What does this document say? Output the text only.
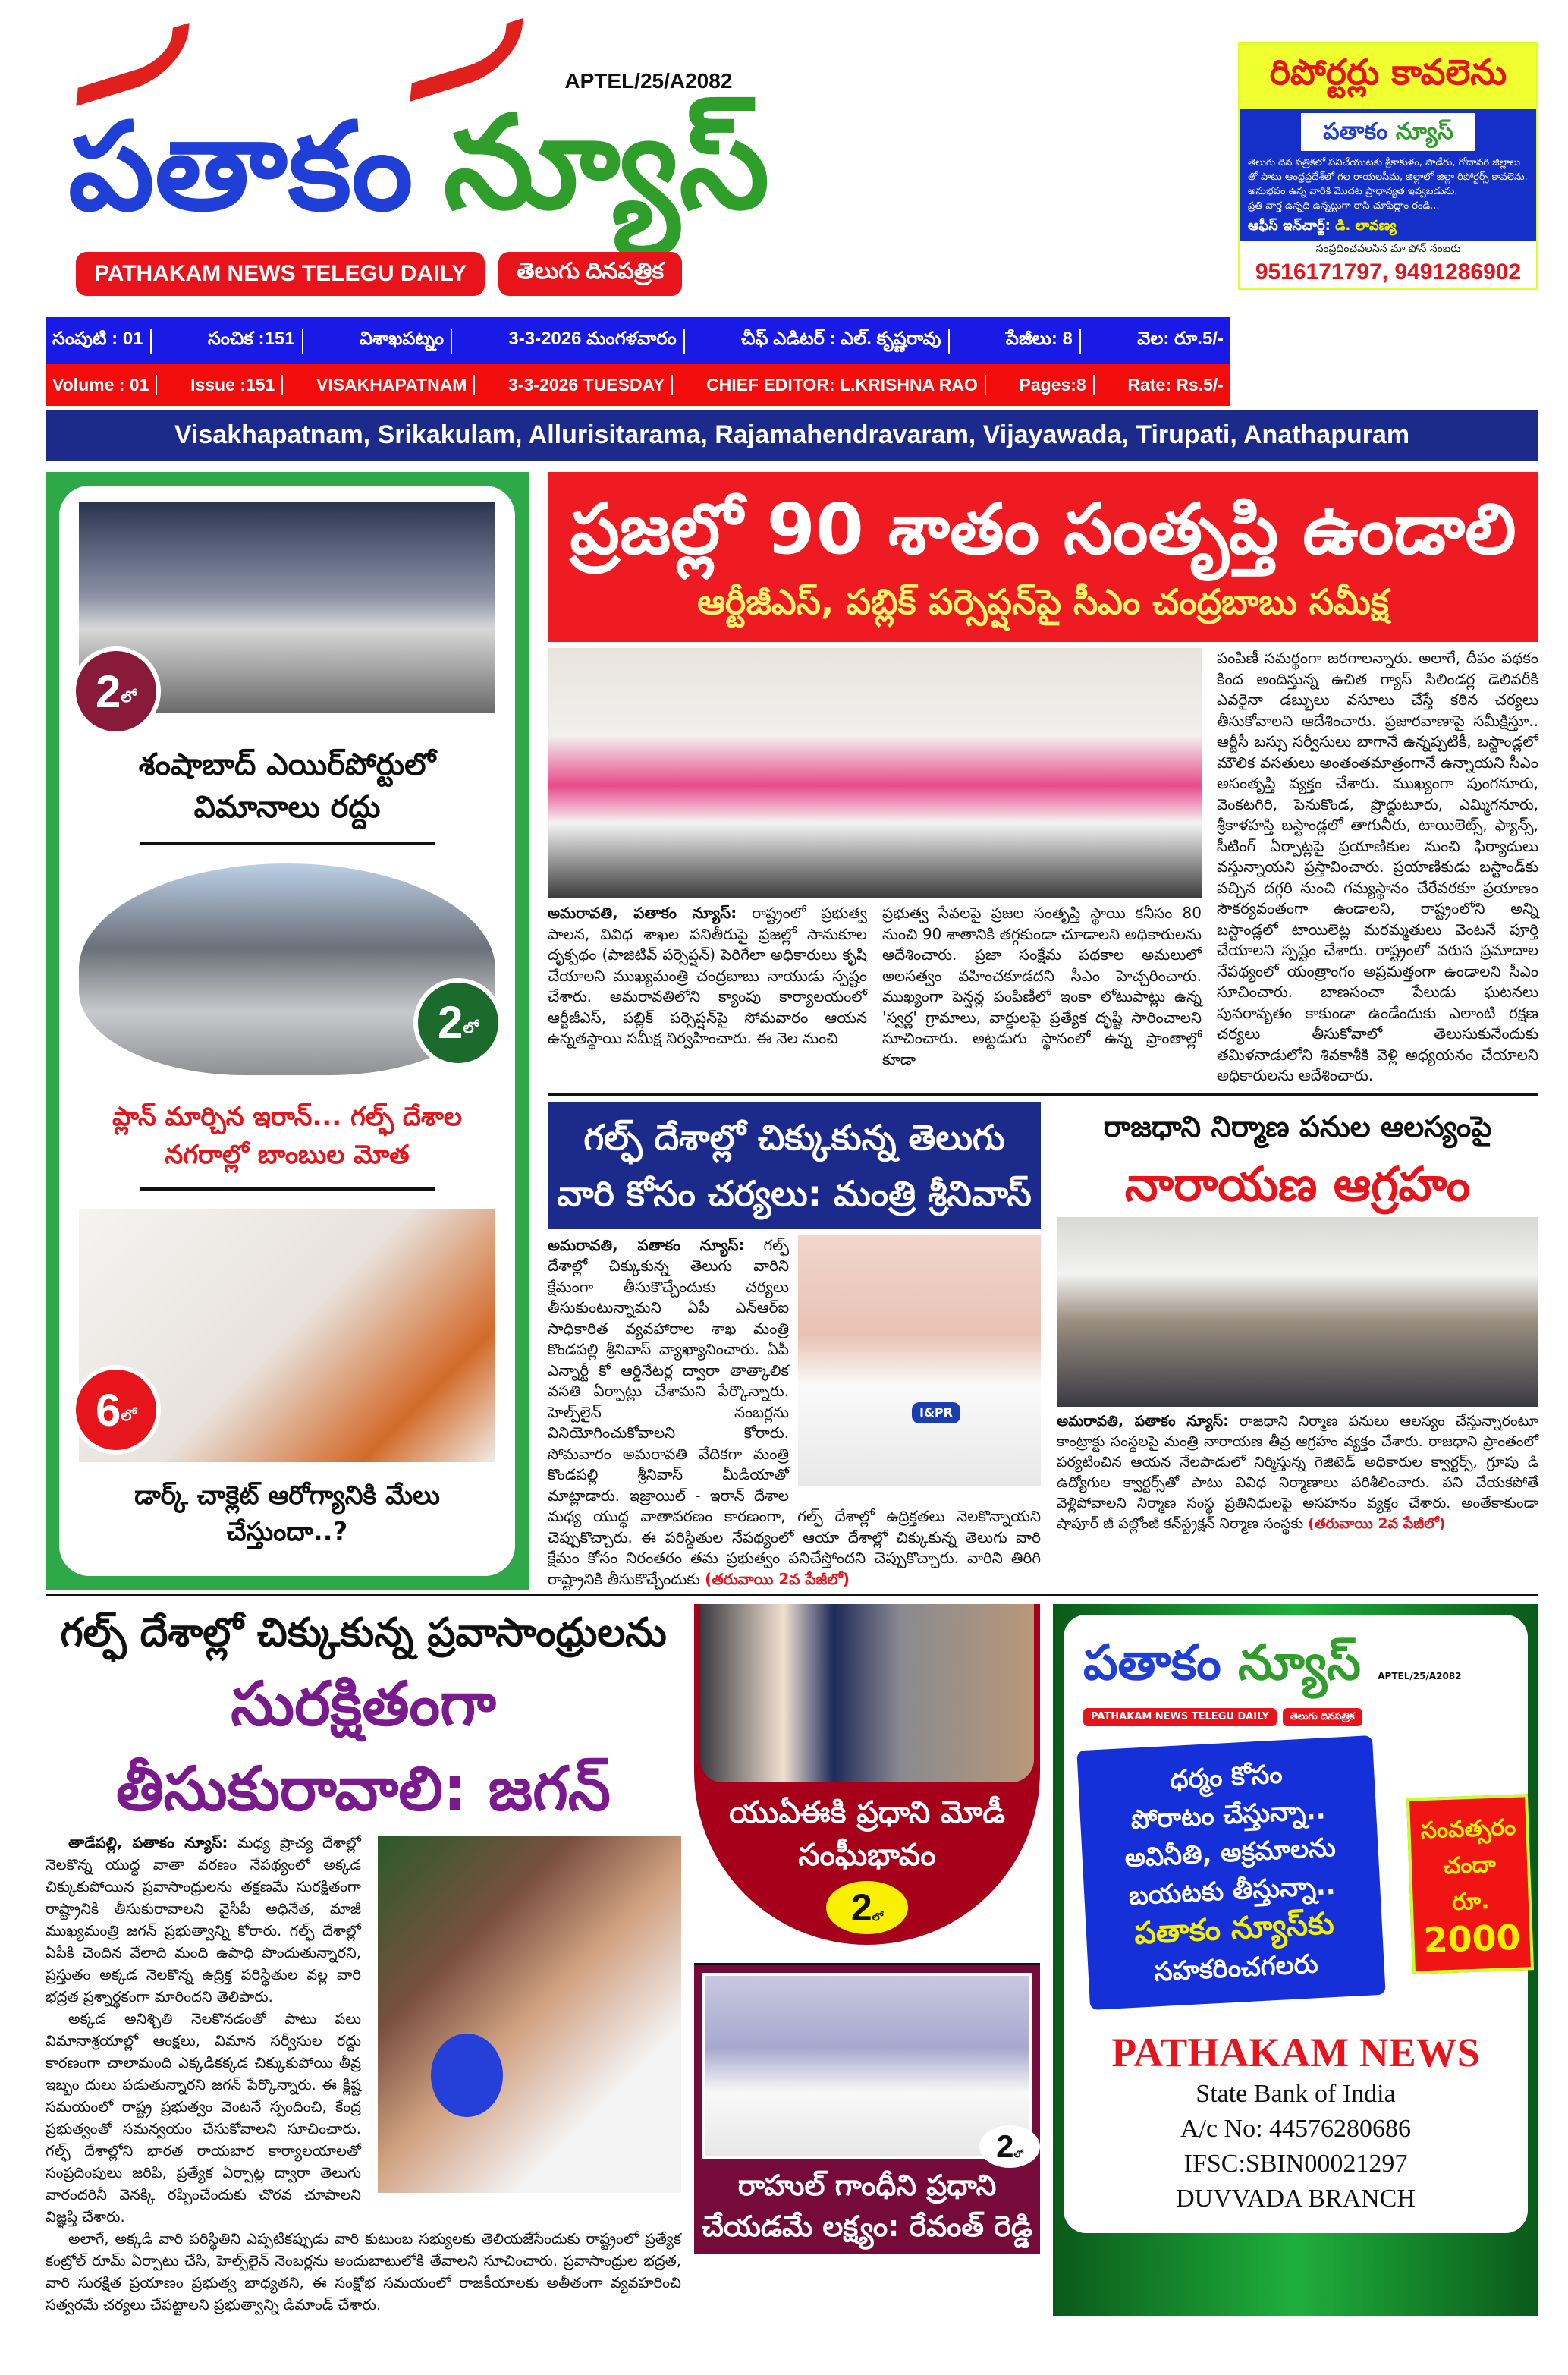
పతాకం
APTEL/25/A2082
న్యూస్
PATHAKAM NEWS TELEGU DAILY	తెలుగు దినపత్రిక
సంపుటి : 01	సంచిక :151	విశాఖపట్నం	3-3-2026 మంగళవారం	చీఫ్ ఎడిటర్ : ఎల్. కృష్ణరావు	పేజీలు: 8	వెల: రూ.5/-
Volume : 01	Issue :151	VISAKHAPATNAM	3-3-2026 TUESDAY	CHIEF EDITOR: L.KRISHNA RAO	Pages:8	Rate: Rs.5/-
Visakhapatnam, Srikakulam, Allurisitarama, Rajamahendravaram, Vijayawada, Tirupati, Anathapuram
రిపోర్టర్లు కావలెను
పతాకం న్యూస్

తెలుగు దిన పత్రికలో పనిచేయుటకు శ్రీకాకుళం, పాడేరు, గోదావరి జిల్లాలు తో పాటు ఆంధ్రప్రదేశ్‌లో గల రాయలసీమ, జిల్లాలో జిల్లా రిపోర్టర్స్ కావలెను.

అనుభవం ఉన్న వారికి మొదట ప్రాధాన్యత ఇవ్వబడును.

ప్రతి వార్త ఉన్నది ఉన్నట్టుగా రాసి చూపిద్దాం రండి...

ఆఫీస్ ఇన్‌చార్జ్: డి. లావణ్య
సంప్రదించవలసిన మా ఫోన్ నంబరు
9516171797, 9491286902
2 లో
శంషాబాద్ ఎయిర్‌పోర్టులో విమానాలు రద్దు
2 లో
ప్లాన్ మార్చిన ఇరాన్... గల్ఫ్ దేశాల నగరాల్లో బాంబుల మోత
6 లో
డార్క్ చాక్లెట్ ఆరోగ్యానికి మేలు చేస్తుందా..?
ప్రజల్లో 90 శాతం సంతృప్తి ఉండాలి
ఆర్టీజీఎస్, పబ్లిక్ పర్సెప్షన్‌పై సీఎం చంద్రబాబు సమీక్ష
అమరావతి, పతాకం న్యూస్: రాష్ట్రంలో ప్రభుత్వ పాలన, వివిధ శాఖల పనితీరుపై ప్రజల్లో సానుకూల దృక్పథం (పాజిటివ్ పర్సెప్షన్) పెరిగేలా అధికారులు కృషి చేయాలని ముఖ్యమంత్రి చంద్రబాబు నాయుడు స్పష్టం చేశారు. అమరావతిలోని క్యాంపు కార్యాలయంలో ఆర్టీజీఎస్, పబ్లిక్ పర్సెప్షన్‌పై సోమవారం ఆయన ఉన్నతస్థాయి సమీక్ష నిర్వహించారు. ఈ నెల నుంచి
ప్రభుత్వ సేవలపై ప్రజల సంతృప్తి స్థాయి కనీసం 80 నుంచి 90 శాతానికి తగ్గకుండా చూడాలని అధికారులను ఆదేశించారు. ప్రజా సంక్షేమ పథకాల అమలులో అలసత్వం వహించకూడదని సీఎం హెచ్చరించారు. ముఖ్యంగా పెన్షన్ల పంపిణీలో ఇంకా లోటుపాట్లు ఉన్న 'స్వర్ణ' గ్రామాలు, వార్డులపై ప్రత్యేక దృష్టి సారించాలని సూచించారు. అట్టడుగు స్థానంలో ఉన్న ప్రాంతాల్లో కూడా
పంపిణీ సమర్థంగా జరగాలన్నారు. అలాగే, దీపం పథకం కింద అందిస్తున్న ఉచిత గ్యాస్ సిలిండర్ల డెలివరీకి ఎవరైనా డబ్బులు వసూలు చేస్తే కఠిన చర్యలు తీసుకోవాలని ఆదేశించారు. ప్రజారవాణాపై సమీక్షిస్తూ.. ఆర్టీసీ బస్సు సర్వీసులు బాగానే ఉన్నప్పటికీ, బస్టాండ్లలో మౌలిక వసతులు అంతంతమాత్రంగానే ఉన్నాయని సీఎం అసంతృప్తి వ్యక్తం చేశారు. ముఖ్యంగా పుంగనూరు, వెంకటగిరి, పెనుకొండ, ప్రొద్దుటూరు, ఎమ్మిగనూరు, శ్రీకాళహస్తి బస్టాండ్లలో తాగునీరు, టాయిలెట్స్, ఫ్యాన్స్, సీటింగ్ ఏర్పాట్లపై ప్రయాణికుల నుంచి ఫిర్యాదులు వస్తున్నాయని ప్రస్తావించారు. ప్రయాణికుడు బస్టాండ్‌కు వచ్చిన దగ్గరి నుంచి గమ్యస్థానం చేరేవరకూ ప్రయాణం సౌకర్యవంతంగా ఉండాలని, రాష్ట్రంలోని అన్ని బస్టాండ్లలో టాయిలెట్ల మరమ్మతులు వెంటనే పూర్తి చేయాలని స్పష్టం చేశారు. రాష్ట్రంలో వరుస ప్రమాదాల నేపథ్యంలో యంత్రాంగం అప్రమత్తంగా ఉండాలని సీఎం సూచించారు. బాణసంచా పేలుడు ఘటనలు పునరావృతం కాకుండా ఉండేందుకు ఎలాంటి రక్షణ చర్యలు తీసుకోవాలో తెలుసుకునేందుకు తమిళనాడులోని శివకాశీకి వెళ్లి అధ్యయనం చేయాలని అధికారులను ఆదేశించారు.
గల్ఫ్ దేశాల్లో చిక్కుకున్న తెలుగు వారి కోసం చర్యలు: మంత్రి శ్రీనివాస్
I&PR
అమరావతి, పతాకం న్యూస్: గల్ఫ్ దేశాల్లో చిక్కుకున్న తెలుగు వారిని క్షేమంగా తీసుకొచ్చేందుకు చర్యలు తీసుకుంటున్నామని ఏపీ ఎన్‌ఆర్‌ఐ సాధికారిత వ్యవహారాల శాఖ మంత్రి కొండపల్లి శ్రీనివాస్ వ్యాఖ్యానించారు. ఏపీ ఎన్నార్టీ కో ఆర్డినేటర్ల ద్వారా తాత్కాలిక వసతి ఏర్పాట్లు చేశామని పేర్కొన్నారు. హెల్ప్‌లైన్ నంబర్లను వినియోగించుకోవాలని కోరారు. సోమవారం అమరావతి వేదికగా మంత్రి కొండపల్లి శ్రీనివాస్ మీడియాతో మాట్లాడారు. ఇజ్రాయిల్ - ఇరాన్ దేశాల మధ్య యుద్ధ వాతావరణం కారణంగా, గల్ఫ్ దేశాల్లో ఉద్రిక్తతలు నెలకొన్నాయని చెప్పుకొచ్చారు. ఈ పరిస్థితుల నేపథ్యంలో ఆయా దేశాల్లో చిక్కుకున్న తెలుగు వారి క్షేమం కోసం నిరంతరం తమ ప్రభుత్వం పనిచేస్తోందని చెప్పుకొచ్చారు. వారిని తిరిగి రాష్ట్రానికి తీసుకొచ్చేందుకు (తరువాయి 2వ పేజీలో)
రాజధాని నిర్మాణ పనుల ఆలస్యంపై
నారాయణ ఆగ్రహం
అమరావతి, పతాకం న్యూస్: రాజధాని నిర్మాణ పనులు ఆలస్యం చేస్తున్నారంటూ కాంట్రాక్టు సంస్థలపై మంత్రి నారాయణ తీవ్ర ఆగ్రహం వ్యక్తం చేశారు. రాజధాని ప్రాంతంలో పర్యటించిన ఆయన నేలపాడులో నిర్మిస్తున్న గెజిటెడ్ అధికారుల క్వార్టర్స్, గ్రూపు డి ఉద్యోగుల క్వార్టర్స్‌తో పాటు వివిధ నిర్మాణాలు పరిశీలించారు. పని చేయకపోతే వెళ్లిపోవాలని నిర్మాణ సంస్థ ప్రతినిధులపై అసహనం వ్యక్తం చేశారు. అంతేకాకుండా షాపూర్ జీ పల్లోంజీ కన్‌స్ట్రక్షన్ నిర్మాణ సంస్థకు (తరువాయి 2వ పేజీలో)
గల్ఫ్ దేశాల్లో చిక్కుకున్న ప్రవాసాంధ్రులను
సురక్షితంగా తీసుకురావాలి: జగన్
తాడేపల్లి, పతాకం న్యూస్: మధ్య ప్రాచ్య దేశాల్లో నెలకొన్న యుద్ధ వాతా వరణం నేపథ్యంలో అక్కడ చిక్కుకుపోయిన ప్రవాసాంధ్రులను తక్షణమే సురక్షితంగా రాష్ట్రానికి తీసుకురావాలని వైసీపీ అధినేత, మాజీ ముఖ్యమంత్రి జగన్ ప్రభుత్వాన్ని కోరారు. గల్ఫ్ దేశాల్లో ఏపీకి చెందిన వేలాది మంది ఉపాధి పొందుతున్నారని, ప్రస్తుతం అక్కడ నెలకొన్న ఉద్రిక్త పరిస్థితుల వల్ల వారి భద్రత ప్రశ్నార్థకంగా మారిందని తెలిపారు.
అక్కడ అనిశ్చితి నెలకొనడంతో పాటు పలు విమానాశ్రయాల్లో ఆంక్షలు, విమాన సర్వీసుల రద్దు కారణంగా చాలామంది ఎక్కడికక్కడ చిక్కుకుపోయి తీవ్ర ఇబ్బం దులు పడుతున్నారని జగన్ పేర్కొన్నారు. ఈ క్లిష్ట సమయంలో రాష్ట్ర ప్రభుత్వం వెంటనే స్పందించి, కేంద్ర ప్రభుత్వంతో సమన్వయం చేసుకోవాలని సూచించారు. గల్ఫ్ దేశాల్లోని భారత రాయబార కార్యాలయాలతో సంప్రదింపులు జరిపి, ప్రత్యేక ఏర్పాట్ల ద్వారా తెలుగు వారందరినీ వెనక్కి రప్పించేందుకు చొరవ చూపాలని విజ్ఞప్తి చేశారు.
అలాగే, అక్కడి వారి పరిస్థితిని ఎప్పటికప్పుడు వారి కుటుంబ సభ్యులకు తెలియజేసేందుకు రాష్ట్రంలో ప్రత్యేక కంట్రోల్ రూమ్ ఏర్పాటు చేసి, హెల్ప్‌లైన్ నెంబర్లను అందుబాటులోకి తేవాలని సూచించారు. ప్రవాసాంధ్రుల భద్రత, వారి సురక్షిత ప్రయాణం ప్రభుత్వ బాధ్యతని, ఈ సంక్షోభ సమయంలో రాజకీయాలకు అతీతంగా వ్యవహరించి సత్వరమే చర్యలు చేపట్టాలని ప్రభుత్వాన్ని డిమాండ్ చేశారు.
యుఏఈకి ప్రధాని మోడీ సంఘీభావం
2లో
2లో
రాహుల్ గాంధీని ప్రధాని చేయడమే లక్ష్యం: రేవంత్ రెడ్డి
పతాకం న్యూస్ APTEL/25/A2082
PATHAKAM NEWS TELEGU DAILY	తెలుగు దినపత్రిక
ధర్మం కోసం
పోరాటం చేస్తున్నా..
అవినీతి, అక్రమాలను
బయటకు తీస్తున్నా..
పతాకం న్యూస్‌కు
సహకరించగలరు
సంవత్సరం
చందా
రూ.
2000
PATHAKAM NEWS
State Bank of India
A/c No: 44576280686
IFSC:SBIN00021297
DUVVADA BRANCH
